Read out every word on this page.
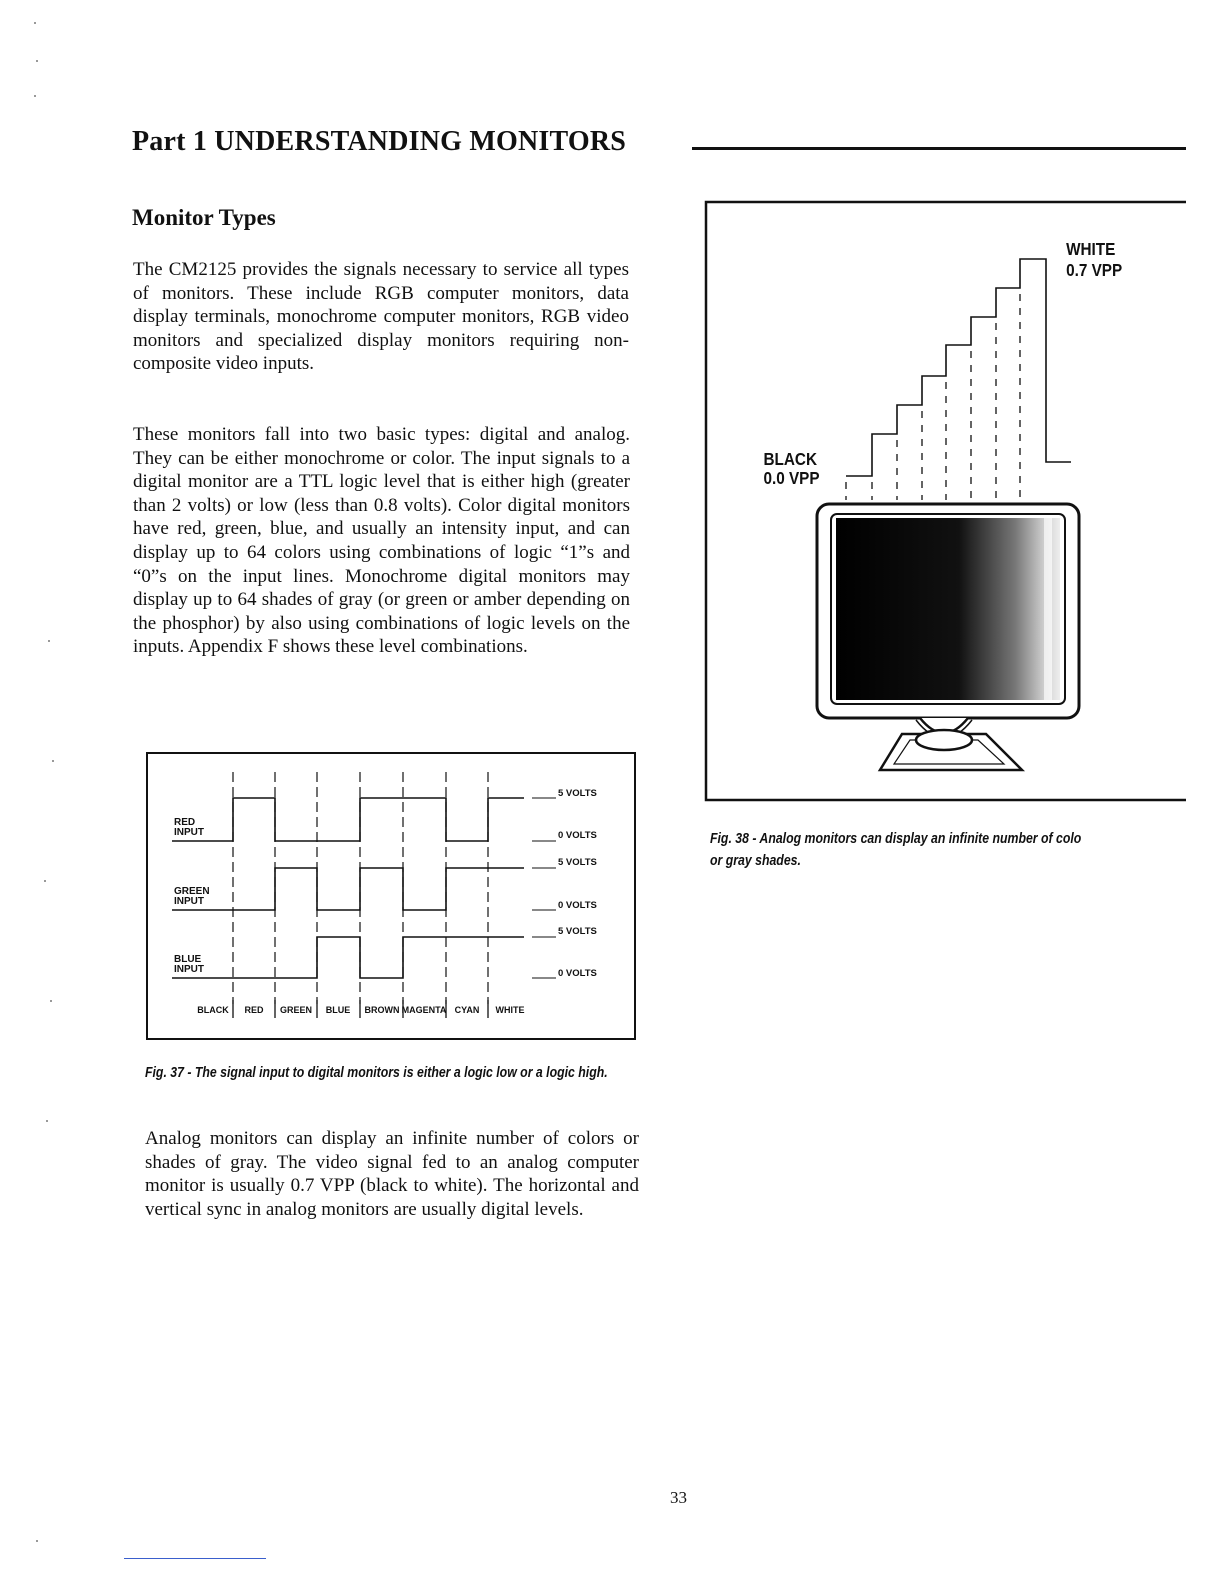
Part 1 UNDERSTANDING MONITORS
Monitor Types
The CM2125 provides the signals necessary to service all types of monitors. These include RGB computer monitors, data display terminals, monochrome computer monitors, RGB video monitors and specialized display monitors requiring non-composite video inputs.
These monitors fall into two basic types: digital and analog. They can be either monochrome or color. The input signals to a digital monitor are a TTL logic level that is either high (greater than 2 volts) or low (less than 0.8 volts). Color digital monitors have red, green, blue, and usually an intensity input, and can display up to 64 colors using combinations of logic “1”s and “0”s on the input lines. Monochrome digital monitors may display up to 64 shades of gray (or green or amber depending on the phosphor) by also using combinations of logic levels on the inputs. Appendix F shows these level combinations.
RED
INPUT
GREEN
INPUT
BLUE
INPUT
5 VOLTS
0 VOLTS
5 VOLTS
0 VOLTS
5 VOLTS
0 VOLTS
BLACK RED GREEN BLUE BROWN MAGENTA CYAN WHITE
Fig. 37 - The signal input to digital monitors is either a logic low or a logic high.
Analog monitors can display an infinite number of colors or shades of gray. The video signal fed to an analog computer monitor is usually 0.7 VPP (black to white). The horizontal and vertical sync in analog monitors are usually digital levels.
WHITE
0.7 VPP
BLACK
0.0 VPP
Fig. 38 - Analog monitors can display an infinite number of colo
or gray shades.
33
